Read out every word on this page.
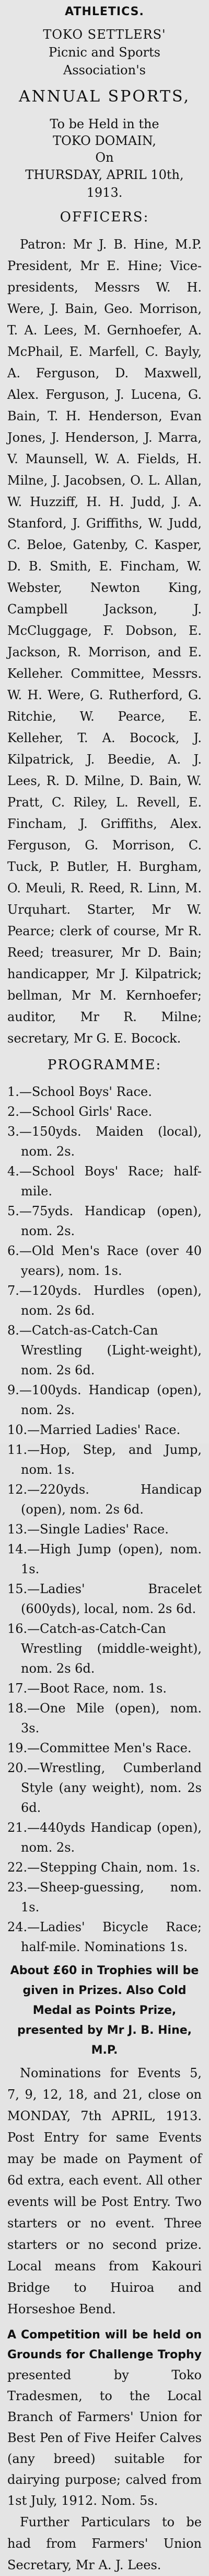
ATHLETICS.
TOKO SETTLERS'
Picnic and Sports Association's
ANNUAL SPORTS,
To be Held in the
TOKO DOMAIN,
On
THURSDAY, APRIL 10th, 1913.
OFFICERS:

Patron: Mr J. B. Hine, M.P. President, Mr E. Hine; Vice-presidents, Messrs W. H. Were, J. Bain, Geo. Morrison, T. A. Lees, M. Gernhoefer, A. McPhail, E. Marfell, C. Bayly, A. Ferguson, D. Maxwell, Alex. Ferguson, J. Lucena, G. Bain, T. H. Henderson, Evan Jones, J. Henderson, J. Marra, V. Maunsell, W. A. Fields, H. Milne, J. Jacobsen, O. L. Allan, W. Huzziff, H. H. Judd, J. A. Stanford, J. Griffiths, W. Judd, C. Beloe, Gatenby, C. Kasper, D. B. Smith, E. Fincham, W. Webster, Newton King, Campbell Jackson, J. McCluggage, F. Dobson, E. Jackson, R. Morrison, and E. Kelleher. Committee, Messrs. W. H. Were, G. Rutherford, G. Ritchie, W. Pearce, E. Kelleher, T. A. Bocock, J. Kilpatrick, J. Beedie, A. J. Lees, R. D. Milne, D. Bain, W. Pratt, C. Riley, L. Revell, E. Fincham, J. Griffiths, Alex. Ferguson, G. Morrison, C. Tuck, P. Butler, H. Burgham, O. Meuli, R. Reed, R. Linn, M. Urquhart. Starter, Mr W. Pearce; clerk of course, Mr R. Reed; treasurer, Mr D. Bain; handicapper, Mr J. Kilpatrick; bellman, Mr M. Kernhoefer; auditor, Mr R. Milne; secretary, Mr G. E. Bocock.

PROGRAMME:
1.—School Boys' Race.
2.—School Girls' Race.
3.—150yds. Maiden (local), nom. 2s.
4.—School Boys' Race; half-mile.
5.—75yds. Handicap (open), nom. 2s.
6.—Old Men's Race (over 40 years), nom. 1s.
7.—120yds. Hurdles (open), nom. 2s 6d.
8.—Catch-as-Catch-Can Wrestling (Light-weight), nom. 2s 6d.
9.—100yds. Handicap (open), nom. 2s.
10.—Married Ladies' Race.
11.—Hop, Step, and Jump, nom. 1s.
12.—220yds. Handicap (open), nom. 2s 6d.
13.—Single Ladies' Race.
14.—High Jump (open), nom. 1s.
15.—Ladies' Bracelet (600yds), local, nom. 2s 6d.
16.—Catch-as-Catch-Can Wrestling (middle-weight), nom. 2s 6d.
17.—Boot Race, nom. 1s.
18.—One Mile (open), nom. 3s.
19.—Committee Men's Race.
20.—Wrestling, Cumberland Style (any weight), nom. 2s 6d.
21.—440yds Handicap (open), nom. 2s.
22.—Stepping Chain, nom. 1s.
23.—Sheep-guessing, nom. 1s.
24.—Ladies' Bicycle Race; half-mile. Nominations 1s.
About £60 in Trophies will be given in Prizes. Also Cold Medal as Points Prize, presented by Mr J. B. Hine, M.P.

Nominations for Events 5, 7, 9, 12, 18, and 21, close on MONDAY, 7th APRIL, 1913. Post Entry for same Events may be made on Payment of 6d extra, each event. All other events will be Post Entry. Two starters or no event. Three starters or no second prize. Local means from Kakouri Bridge to Huiroa and Horseshoe Bend.

A Competition will be held on Grounds for Challenge Trophy presented by Toko Tradesmen, to the Local Branch of Farmers' Union for Best Pen of Five Heifer Calves (any breed) suitable for dairying purpose; calved from 1st July, 1912. Nom. 5s.

Further Particulars to be had from Farmers' Union Secretary, Mr A. J. Lees.
